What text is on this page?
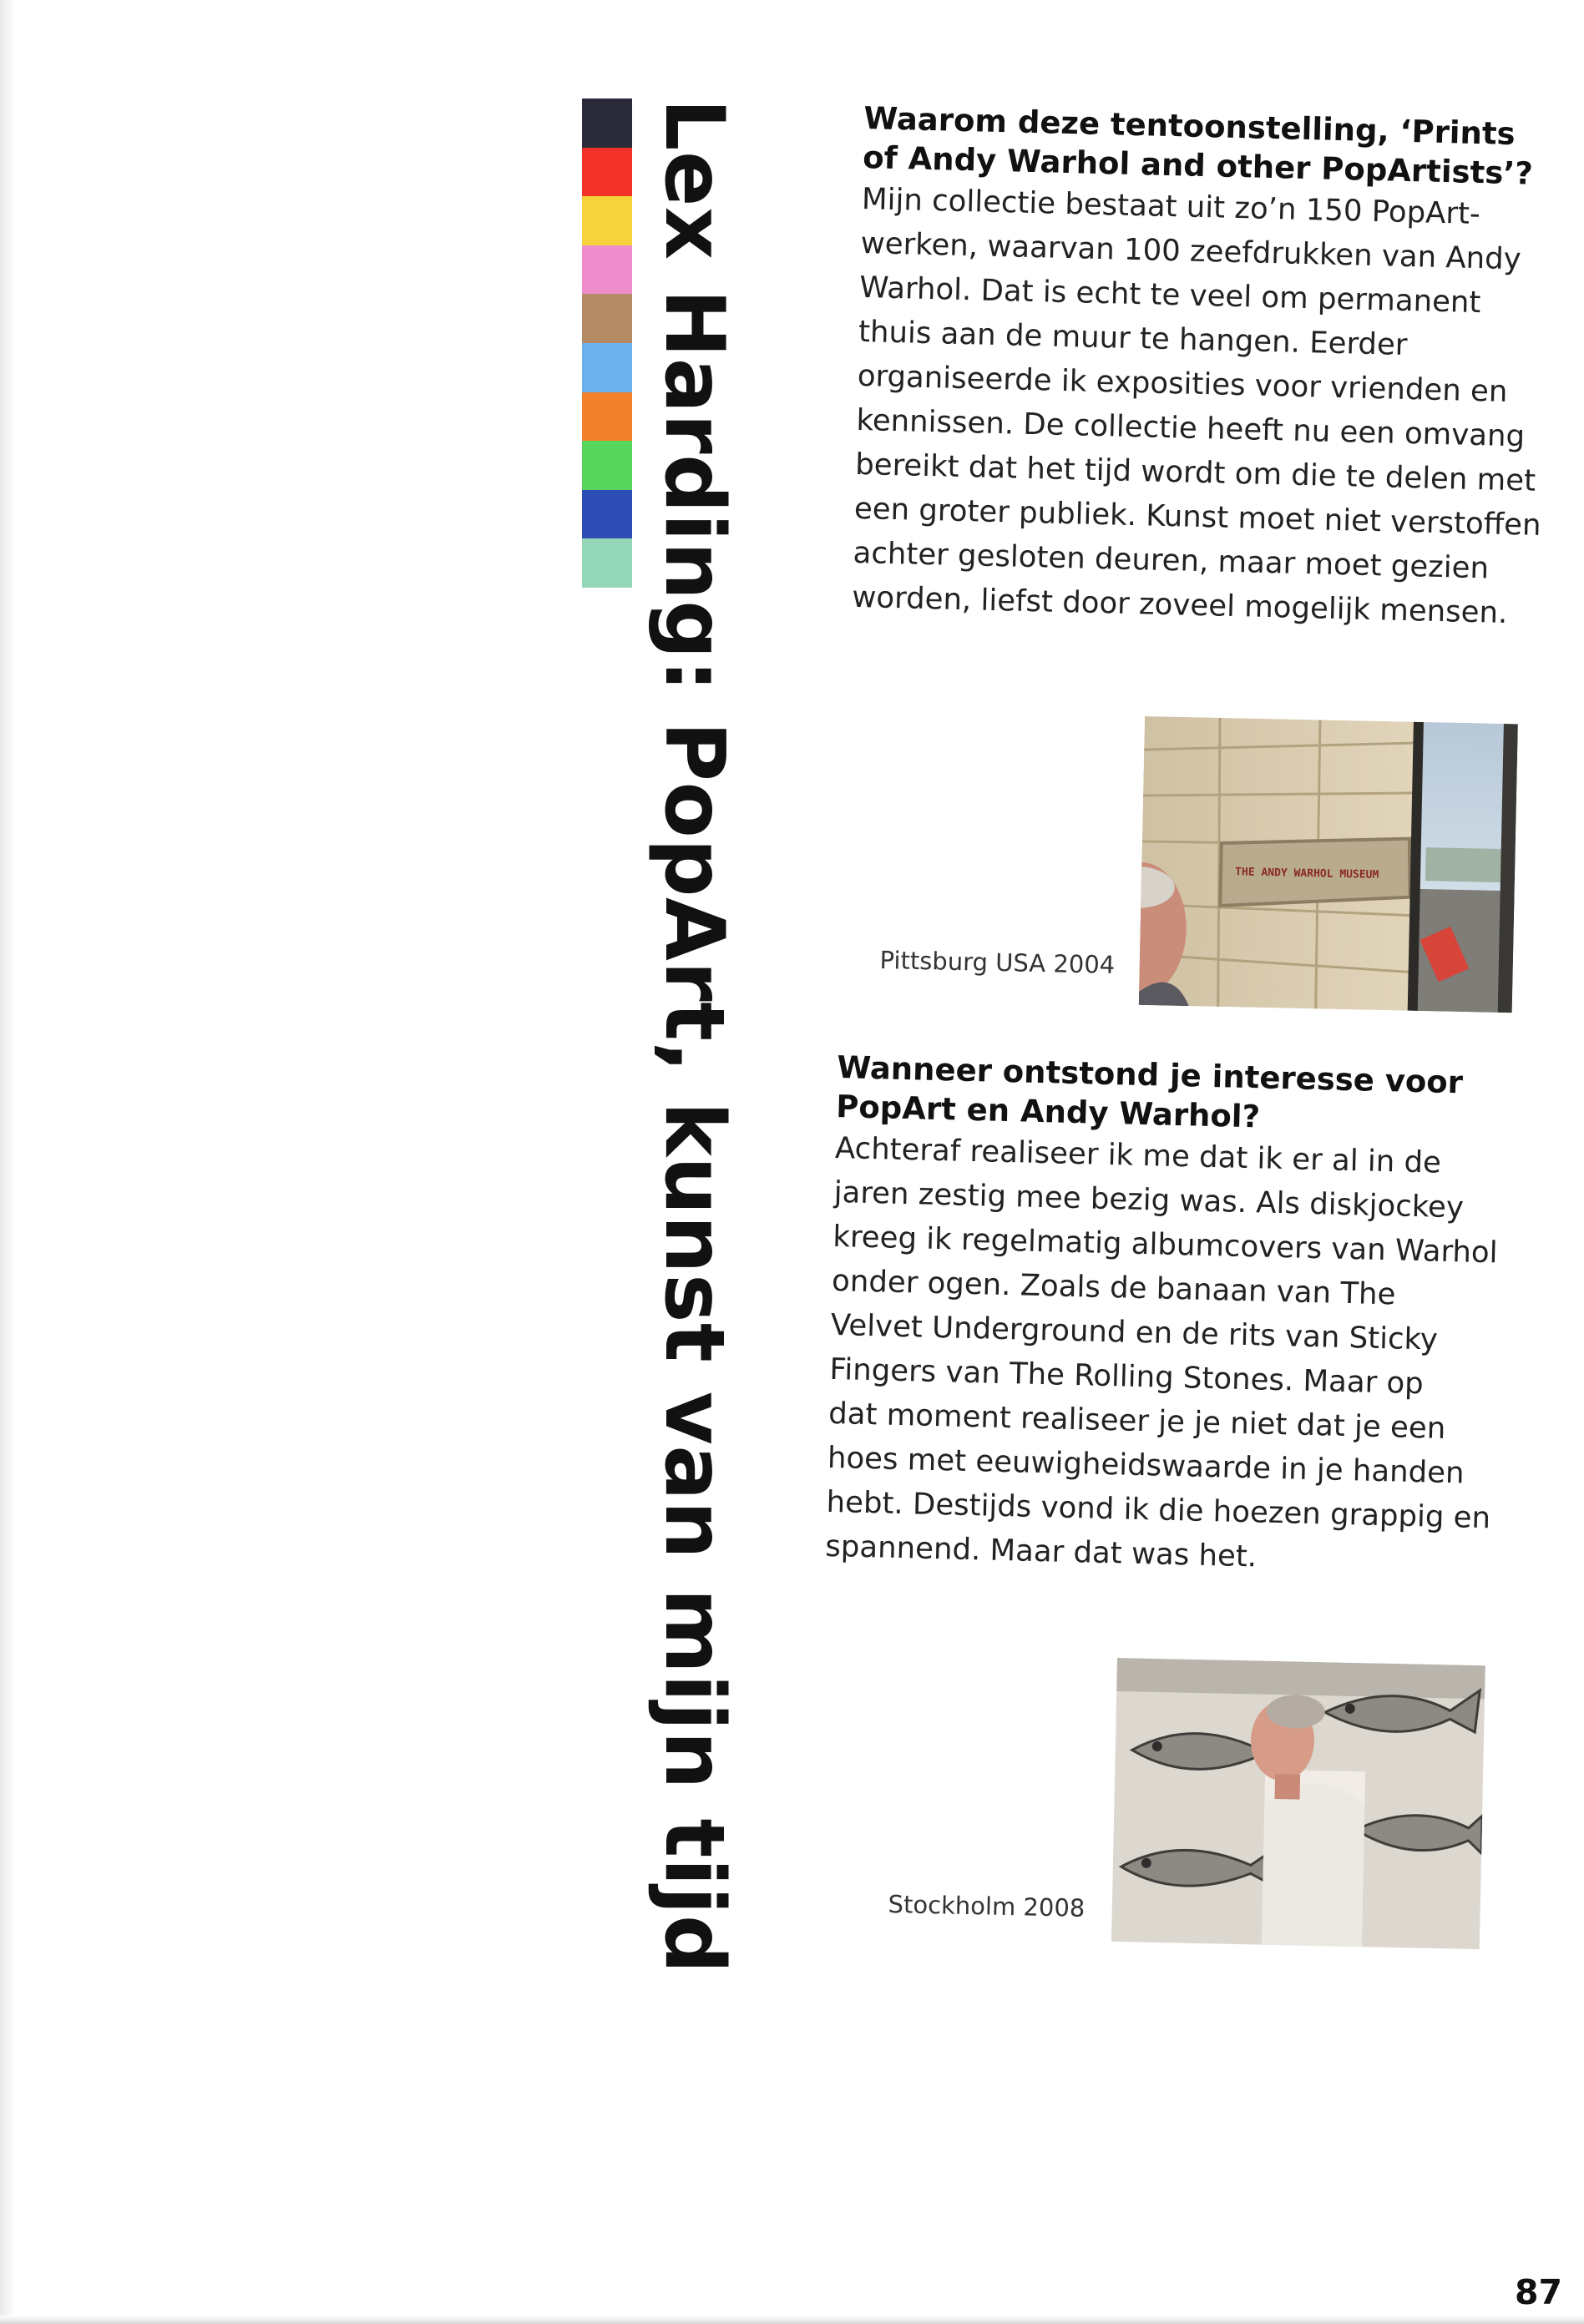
Lex Harding: PopArt, kunst van mijn tijd	Waarom deze tentoonstelling, ‘Prints
of Andy Warhol and other PopArtists’?

Mijn collectie bestaat uit zo’n 150 PopArt-
werken, waarvan 100 zeefdrukken van Andy
Warhol. Dat is echt te veel om permanent
thuis aan de muur te hangen. Eerder
organiseerde ik exposities voor vrienden en
kennissen. De collectie heeft nu een omvang
bereikt dat het tijd wordt om die te delen met
een groter publiek. Kunst moet niet verstoffen
achter gesloten deuren, maar moet gezien
worden, liefst door zoveel mogelijk mensen.

THE ANDY WARHOL MUSEUM
Pittsburg USA 2004
Wanneer ontstond je interesse voor
PopArt en Andy Warhol?

Achteraf realiseer ik me dat ik er al in de
jaren zestig mee bezig was. Als diskjockey
kreeg ik regelmatig albumcovers van Warhol
onder ogen. Zoals de banaan van The
Velvet Underground en de rits van Sticky
Fingers van The Rolling Stones. Maar op
dat moment realiseer je je niet dat je een
hoes met eeuwigheidswaarde in je handen
hebt. Destijds vond ik die hoezen grappig en
spannend. Maar dat was het.

Stockholm 2008
87
